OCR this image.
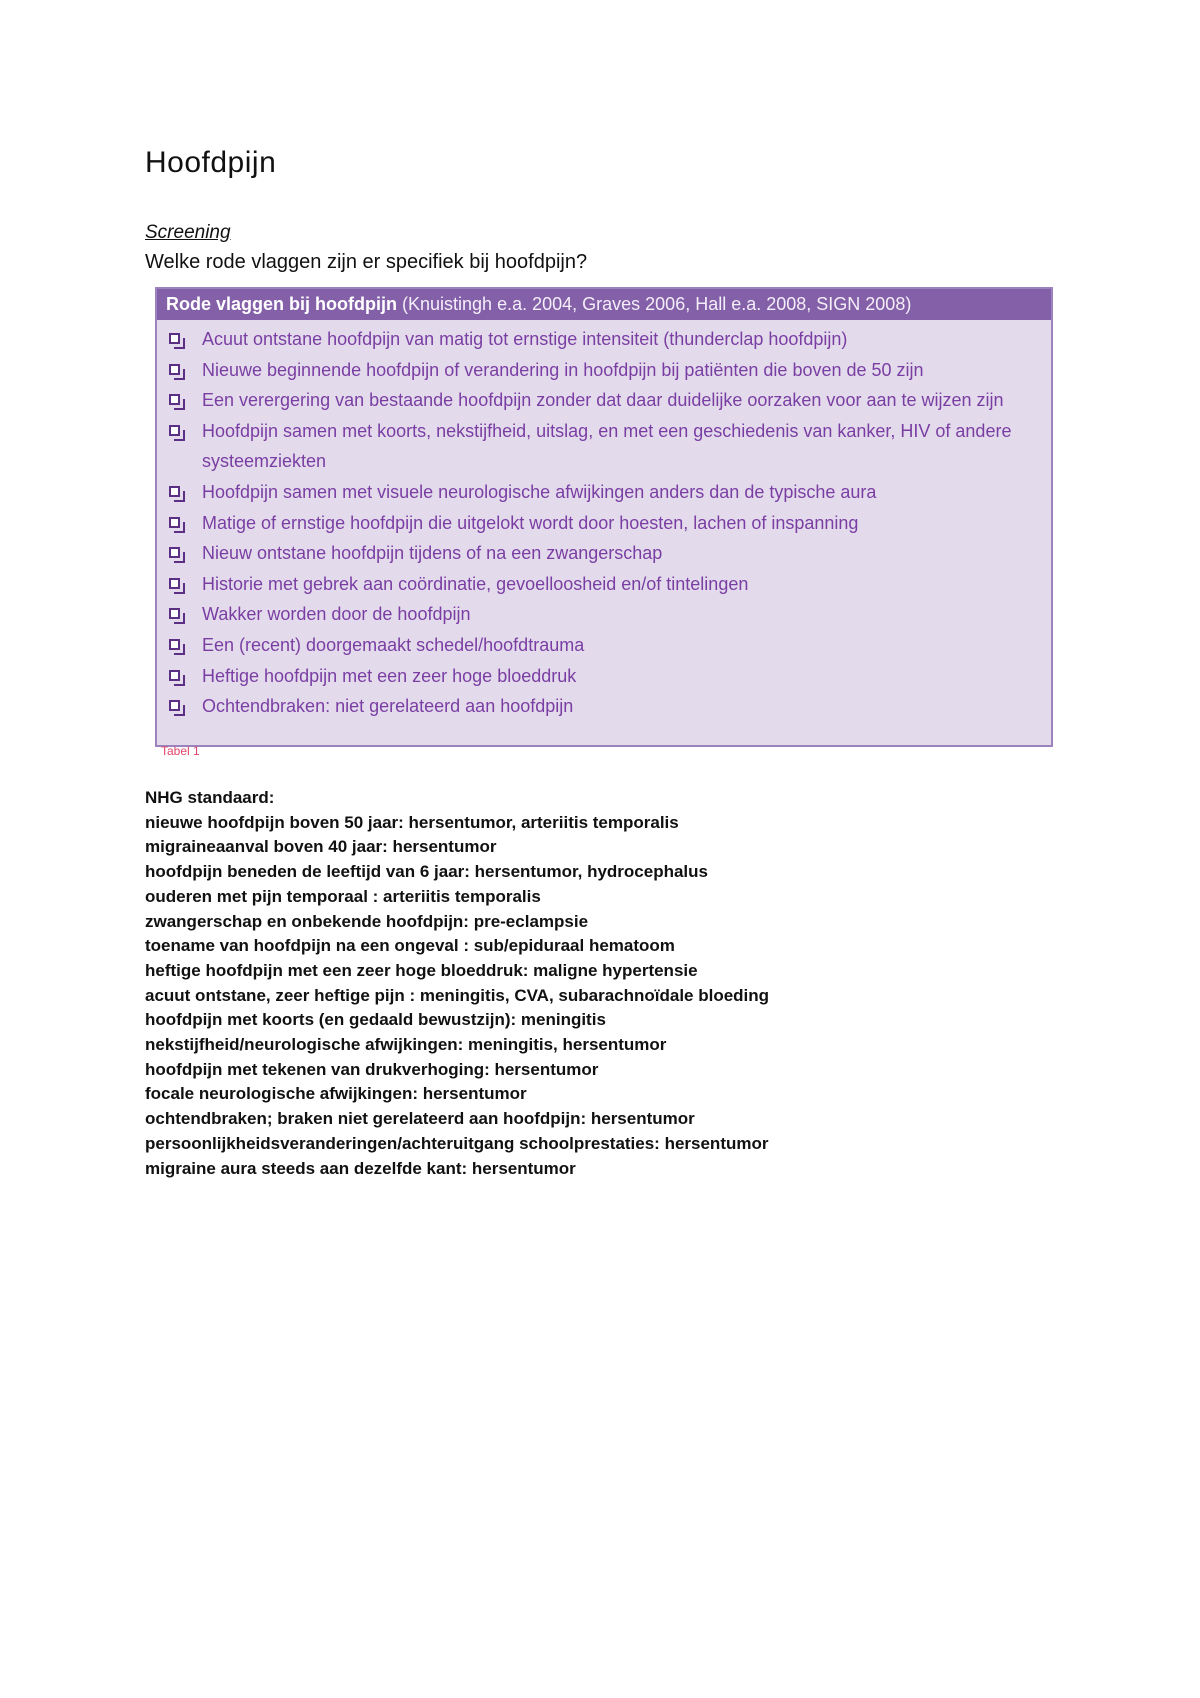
Hoofdpijn
Screening
Welke rode vlaggen zijn er specifiek bij hoofdpijn?
Rode vlaggen bij hoofdpijn (Knuistingh e.a. 2004, Graves 2006, Hall e.a. 2008, SIGN 2008)
Acuut ontstane hoofdpijn van matig tot ernstige intensiteit (thunderclap hoofdpijn)
Nieuwe beginnende hoofdpijn of verandering in hoofdpijn bij patiënten die boven de 50 zijn
Een verergering van bestaande hoofdpijn zonder dat daar duidelijke oorzaken voor aan te wijzen zijn
Hoofdpijn samen met koorts, nekstijfheid, uitslag, en met een geschiedenis van kanker, HIV of andere systeemziekten
Hoofdpijn samen met visuele neurologische afwijkingen anders dan de typische aura
Matige of ernstige hoofdpijn die uitgelokt wordt door hoesten, lachen of inspanning
Nieuw ontstane hoofdpijn tijdens of na een zwangerschap
Historie met gebrek aan coördinatie, gevoelloosheid en/of tintelingen
Wakker worden door de hoofdpijn
Een (recent) doorgemaakt schedel/hoofdtrauma
Heftige hoofdpijn met een zeer hoge bloeddruk
Ochtendbraken: niet gerelateerd aan hoofdpijn
Tabel 1

NHG standaard:

nieuwe hoofdpijn boven 50 jaar: hersentumor, arteriitis temporalis

migraineaanval boven 40 jaar: hersentumor

hoofdpijn beneden de leeftijd van 6 jaar: hersentumor, hydrocephalus

ouderen met pijn temporaal : arteriitis temporalis

zwangerschap en onbekende hoofdpijn: pre-eclampsie

toename van hoofdpijn na een ongeval : sub/epiduraal hematoom

heftige hoofdpijn met een zeer hoge bloeddruk: maligne hypertensie

acuut ontstane, zeer heftige pijn : meningitis, CVA, subarachnoïdale bloeding

hoofdpijn met koorts (en gedaald bewustzijn): meningitis

nekstijfheid/neurologische afwijkingen: meningitis, hersentumor

hoofdpijn met tekenen van drukverhoging: hersentumor

focale neurologische afwijkingen: hersentumor

ochtendbraken; braken niet gerelateerd aan hoofdpijn: hersentumor

persoonlijkheidsveranderingen/achteruitgang schoolprestaties: hersentumor

migraine aura steeds aan dezelfde kant: hersentumor
